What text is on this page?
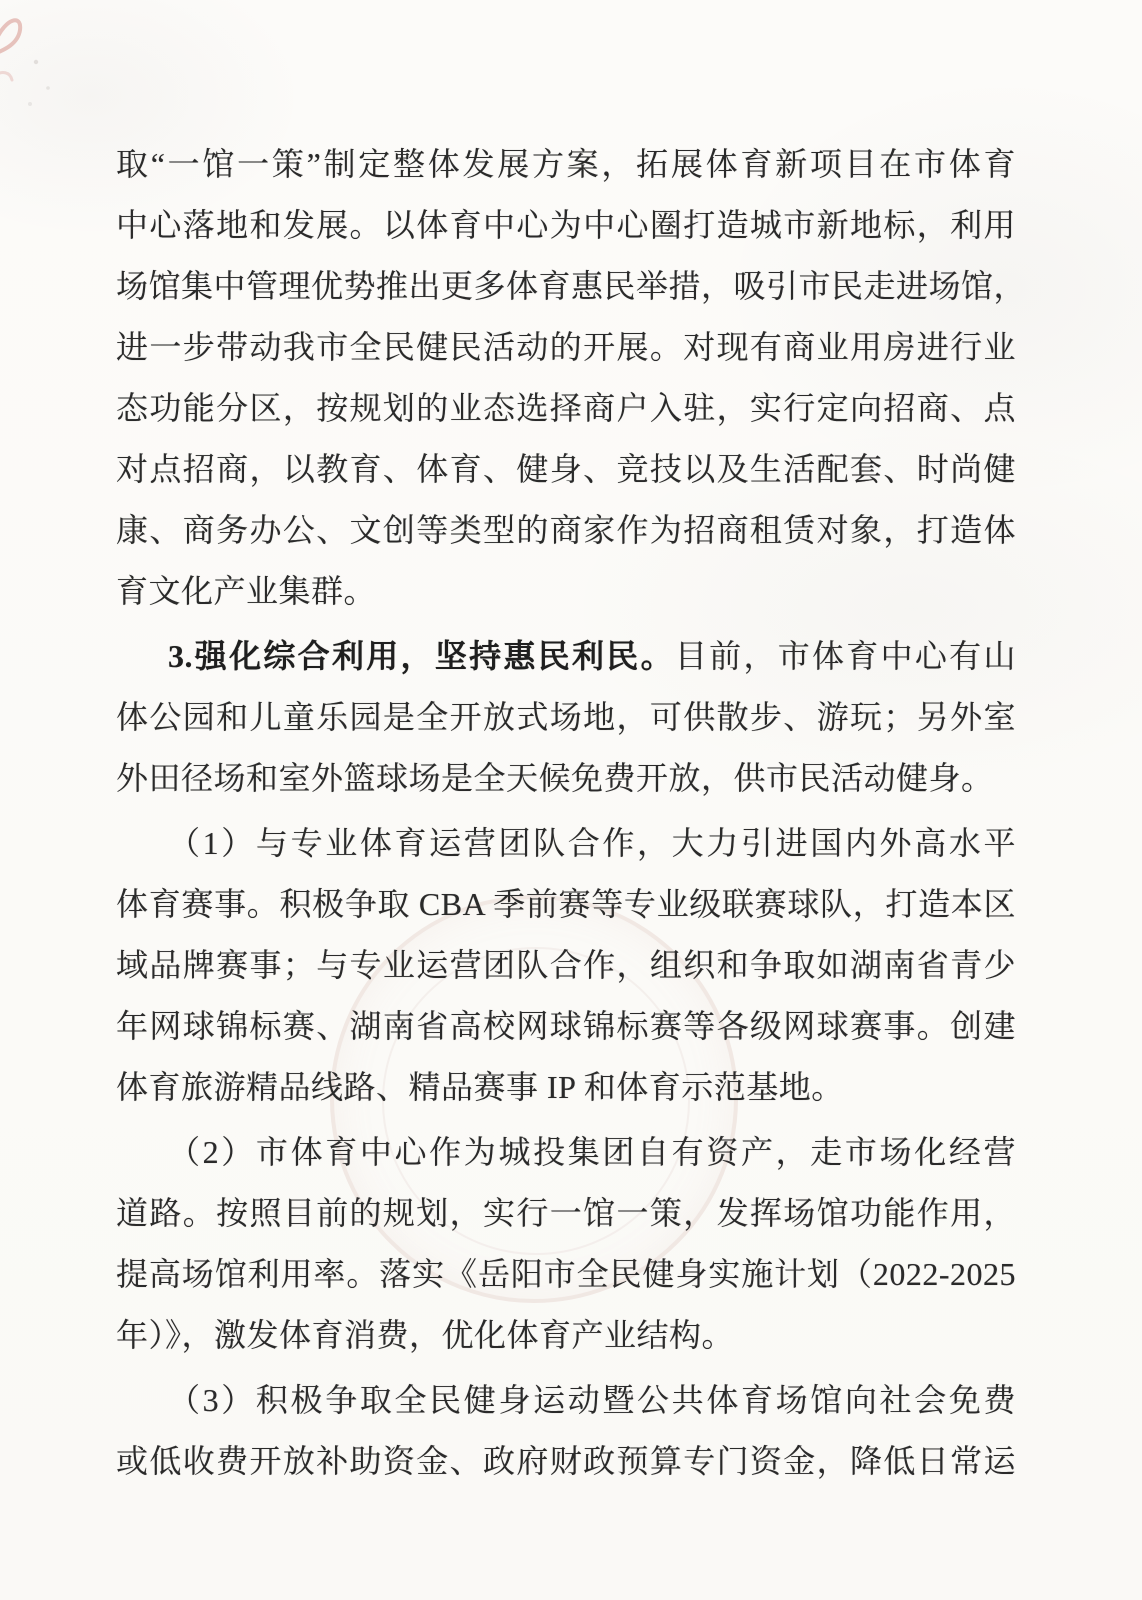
取“一馆一策”制定整体发展方案，拓展体育新项目在市体育
中心落地和发展。以体育中心为中心圈打造城市新地标，利用
场馆集中管理优势推出更多体育惠民举措，吸引市民走进场馆，
进一步带动我市全民健民活动的开展。对现有商业用房进行业
态功能分区，按规划的业态选择商户入驻，实行定向招商、点
对点招商，以教育、体育、健身、竞技以及生活配套、时尚健
康、商务办公、文创等类型的商家作为招商租赁对象，打造体
育文化产业集群。
3.强化综合利用，坚持惠民利民。目前，市体育中心有山
体公园和儿童乐园是全开放式场地，可供散步、游玩；另外室
外田径场和室外篮球场是全天候免费开放，供市民活动健身。
（1）与专业体育运营团队合作，大力引进国内外高水平
体育赛事。积极争取 CBA 季前赛等专业级联赛球队，打造本区
域品牌赛事；与专业运营团队合作，组织和争取如湖南省青少
年网球锦标赛、湖南省高校网球锦标赛等各级网球赛事。创建
体育旅游精品线路、精品赛事 IP 和体育示范基地。
（2）市体育中心作为城投集团自有资产，走市场化经营
道路。按照目前的规划，实行一馆一策，发挥场馆功能作用，
提高场馆利用率。落实《岳阳市全民健身实施计划（2022-2025
年）》，激发体育消费，优化体育产业结构。
（3）积极争取全民健身运动暨公共体育场馆向社会免费
或低收费开放补助资金、政府财政预算专门资金，降低日常运
